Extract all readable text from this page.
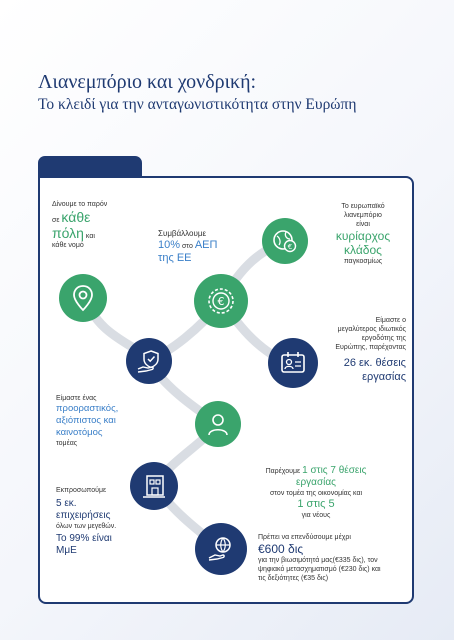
Λιανεμπόριο και χονδρική:
Το κλειδί για την ανταγωνιστικότητα στην Ευρώπη
€
€
Δίνουμε το παρόν
σε κάθε
πόλη και
κάθε νομό
Συμβάλλουμε
10% στο ΑΕΠ
της ΕΕ
Το ευρωπαϊκό
λιανεμπόριο
είναι
κυρίαρχος
κλάδος
παγκοσμίως
Είμαστε ο
μεγαλύτερος ιδιωτικός
εργοδότης της
Ευρώπης, παρέχοντας
26 εκ. θέσεις
εργασίας
Είμαστε ένας
προοραστικός,
αξιόπιστος και
καινοτόμος
τομέας
Παρέχουμε 1 στις 7 θέσεις
εργασίας
στον τομέα της οικονομίας και
1 στις 5
για νέους
Εκπροσωπούμε
5 εκ.
επιχειρήσεις
όλων των μεγεθών.
Το 99% είναι
ΜμΕ
Πρέπει να επενδύσουμε μέχρι
€600 δις
για την βιωσιμότητά μας(€335 δις), τον
ψηφιακό μετασχηματισμό (€230 δις) και
τις δεξιότητες (€35 δις)
